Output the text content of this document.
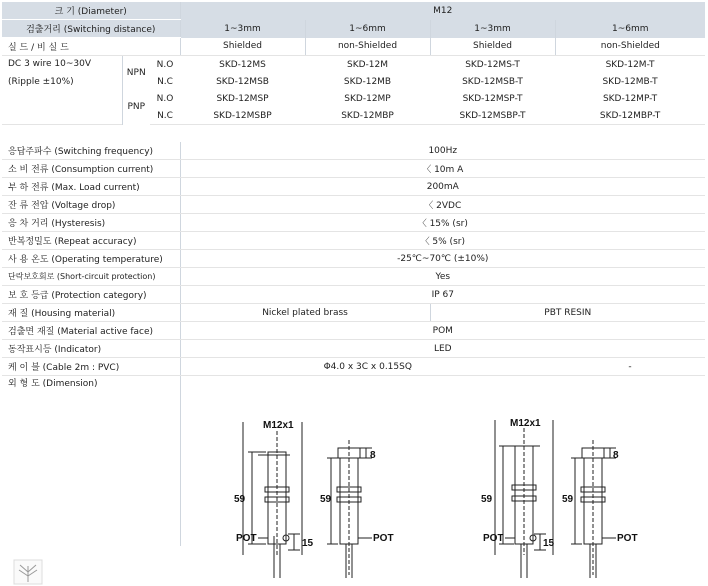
크 기 (Diameter)			M12			
검출거리 (Switching distance)			1~3mm	1~6mm	1~3mm	1~6mm
실 드 / 비 실 드			Shielded	non-Shielded	Shielded	non-Shielded
DC 3 wire 10~30V	NPN	N.O	SKD-12MS	SKD-12M	SKD-12MS-T	SKD-12M-T
(Ripple ±10%)		N.C	SKD-12MSB	SKD-12MB	SKD-12MSB-T	SKD-12MB-T
	PNP	N.O	SKD-12MSP	SKD-12MP	SKD-12MSP-T	SKD-12MP-T
		N.C	SKD-12MSBP	SKD-12MBP	SKD-12MSBP-T	SKD-12MBP-T

응답주파수 (Switching frequency)			100Hz			
소 비 전류 (Consumption current)			〈 10m A			
부 하 전류 (Max. Load current)			200mA			
잔 류 전압 (Voltage drop)			〈 2VDC			
응 차 거리 (Hysteresis)			〈 15% (sr)			
반복정밀도 (Repeat accuracy)			〈 5% (sr)			
사 용 온도 (Operating temperature)			-25℃~70℃ (±10%)			
단락보호회로 (Short-circuit protection)			Yes			
보 호 등급 (Protection category)			IP 67			
재 질 (Housing material)			Nickel plated brass		PBT RESIN	
검출면 재질 (Material active face)			POM			
동작표시등 (Indicator)			LED			
케 이 블 (Cable 2m : PVC)			Φ4.0 x 3C x 0.15SQ			-

외 형 도 (Dimension)						

M12x1	M12x1
59	59	59	59
8	8
15	15
POT	POT	POT	POT
